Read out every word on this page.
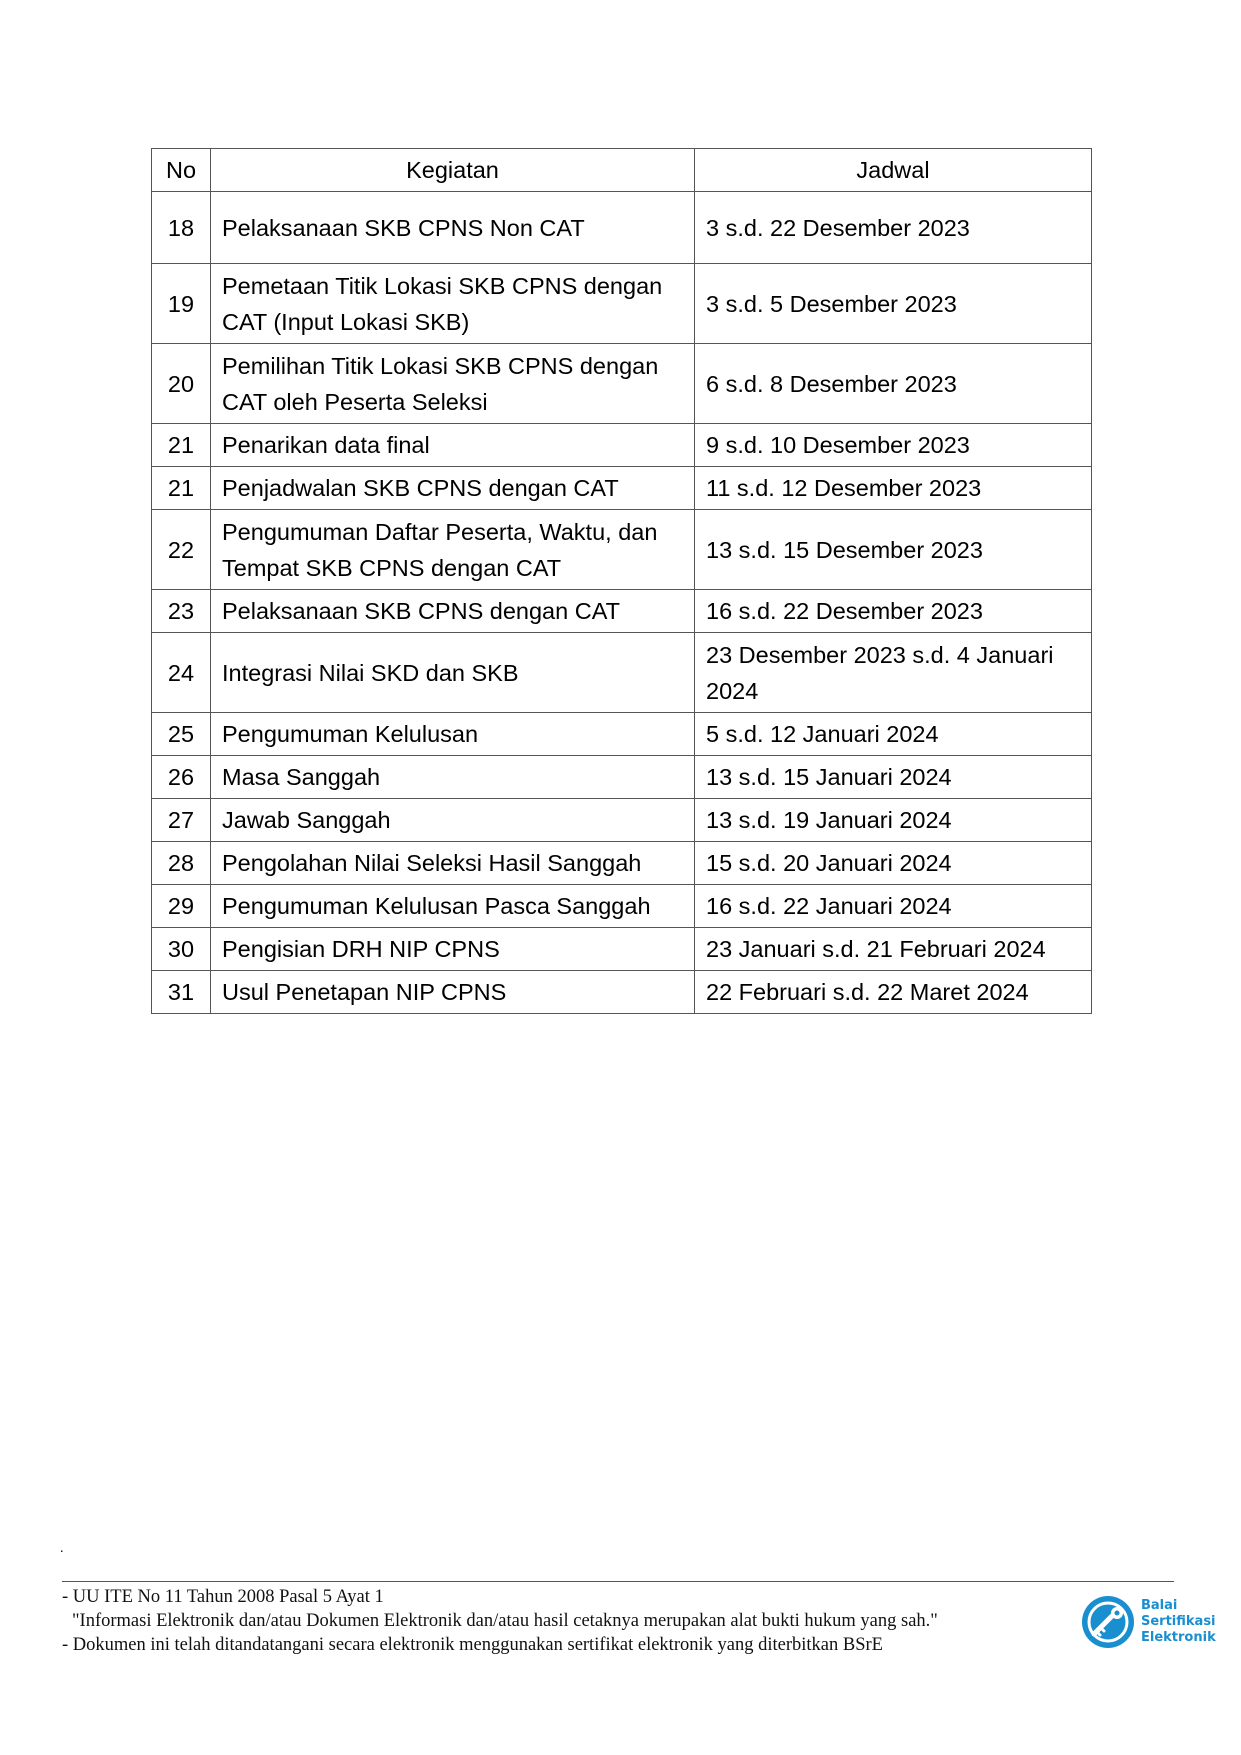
No	Kegiatan	Jadwal
18	Pelaksanaan SKB CPNS Non CAT	3 s.d. 22 Desember 2023
19	Pemetaan Titik Lokasi SKB CPNS dengan CAT (Input Lokasi SKB)	3 s.d. 5 Desember 2023
20	Pemilihan Titik Lokasi SKB CPNS dengan CAT oleh Peserta Seleksi	6 s.d. 8 Desember 2023
21	Penarikan data final	9 s.d. 10 Desember 2023
21	Penjadwalan SKB CPNS dengan CAT	11 s.d. 12 Desember 2023
22	Pengumuman Daftar Peserta, Waktu, dan Tempat SKB CPNS dengan CAT	13 s.d. 15 Desember 2023
23	Pelaksanaan SKB CPNS dengan CAT	16 s.d. 22 Desember 2023
24	Integrasi Nilai SKD dan SKB	23 Desember 2023 s.d. 4 Januari 2024
25	Pengumuman Kelulusan	5 s.d. 12 Januari 2024
26	Masa Sanggah	13 s.d. 15 Januari 2024
27	Jawab Sanggah	13 s.d. 19 Januari 2024
28	Pengolahan Nilai Seleksi Hasil Sanggah	15 s.d. 20 Januari 2024
29	Pengumuman Kelulusan Pasca Sanggah	16 s.d. 22 Januari 2024
30	Pengisian DRH NIP CPNS	23 Januari s.d. 21 Februari 2024
31	Usul Penetapan NIP CPNS	22 Februari s.d. 22 Maret 2024
.
- UU ITE No 11 Tahun 2008 Pasal 5 Ayat 1
"Informasi Elektronik dan/atau Dokumen Elektronik dan/atau hasil cetaknya merupakan alat bukti hukum yang sah."
- Dokumen ini telah ditandatangani secara elektronik menggunakan sertifikat elektronik yang diterbitkan BSrE
Balai
Sertifikasi
Elektronik
